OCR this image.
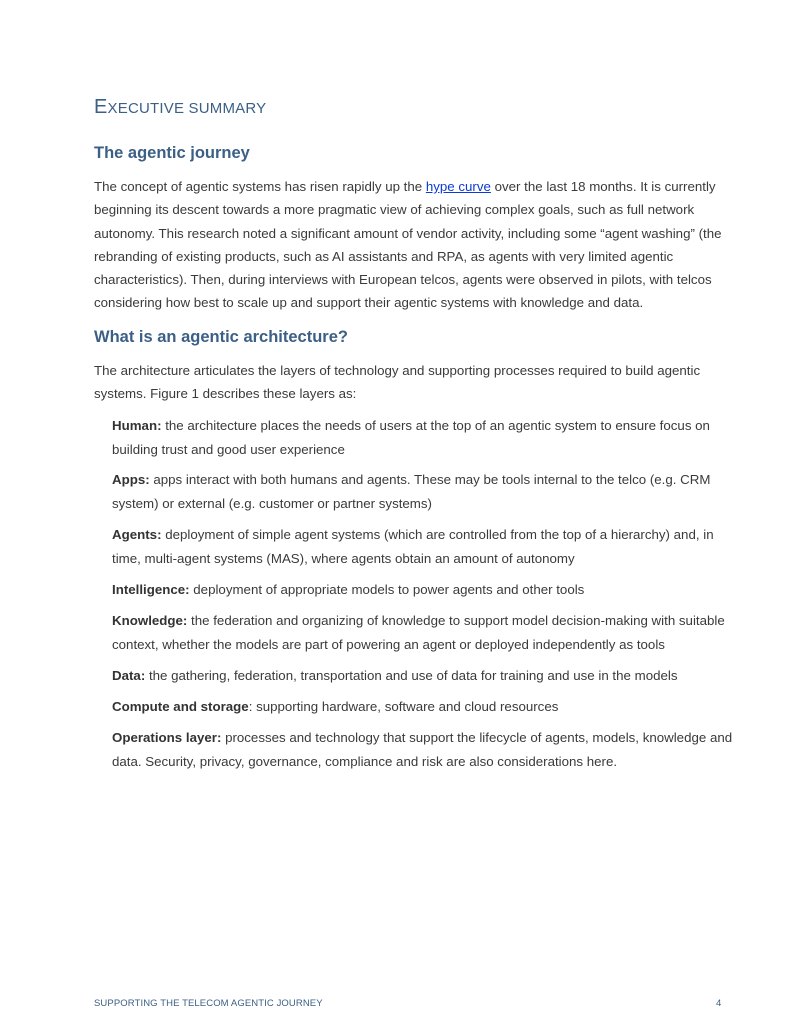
EXECUTIVE SUMMARY
The agentic journey

The concept of agentic systems has risen rapidly up the hype curve over the last 18 months. It is currently beginning its descent towards a more pragmatic view of achieving complex goals, such as full network autonomy. This research noted a significant amount of vendor activity, including some “agent washing” (the rebranding of existing products, such as AI assistants and RPA, as agents with very limited agentic characteristics). Then, during interviews with European telcos, agents were observed in pilots, with telcos considering how best to scale up and support their agentic systems with knowledge and data.

What is an agentic architecture?

The architecture articulates the layers of technology and supporting processes required to build agentic systems. Figure 1 describes these layers as:

Human: the architecture places the needs of users at the top of an agentic system to ensure focus on building trust and good user experience

Apps: apps interact with both humans and agents. These may be tools internal to the telco (e.g. CRM system) or external (e.g. customer or partner systems)

Agents: deployment of simple agent systems (which are controlled from the top of a hierarchy) and, in time, multi-agent systems (MAS), where agents obtain an amount of autonomy

Intelligence: deployment of appropriate models to power agents and other tools

Knowledge: the federation and organizing of knowledge to support model decision-making with suitable context, whether the models are part of powering an agent or deployed independently as tools

Data: the gathering, federation, transportation and use of data for training and use in the models

Compute and storage: supporting hardware, software and cloud resources

Operations layer: processes and technology that support the lifecycle of agents, models, knowledge and data. Security, privacy, governance, compliance and risk are also considerations here.

SUPPORTING THE TELECOM AGENTIC JOURNEY	4
